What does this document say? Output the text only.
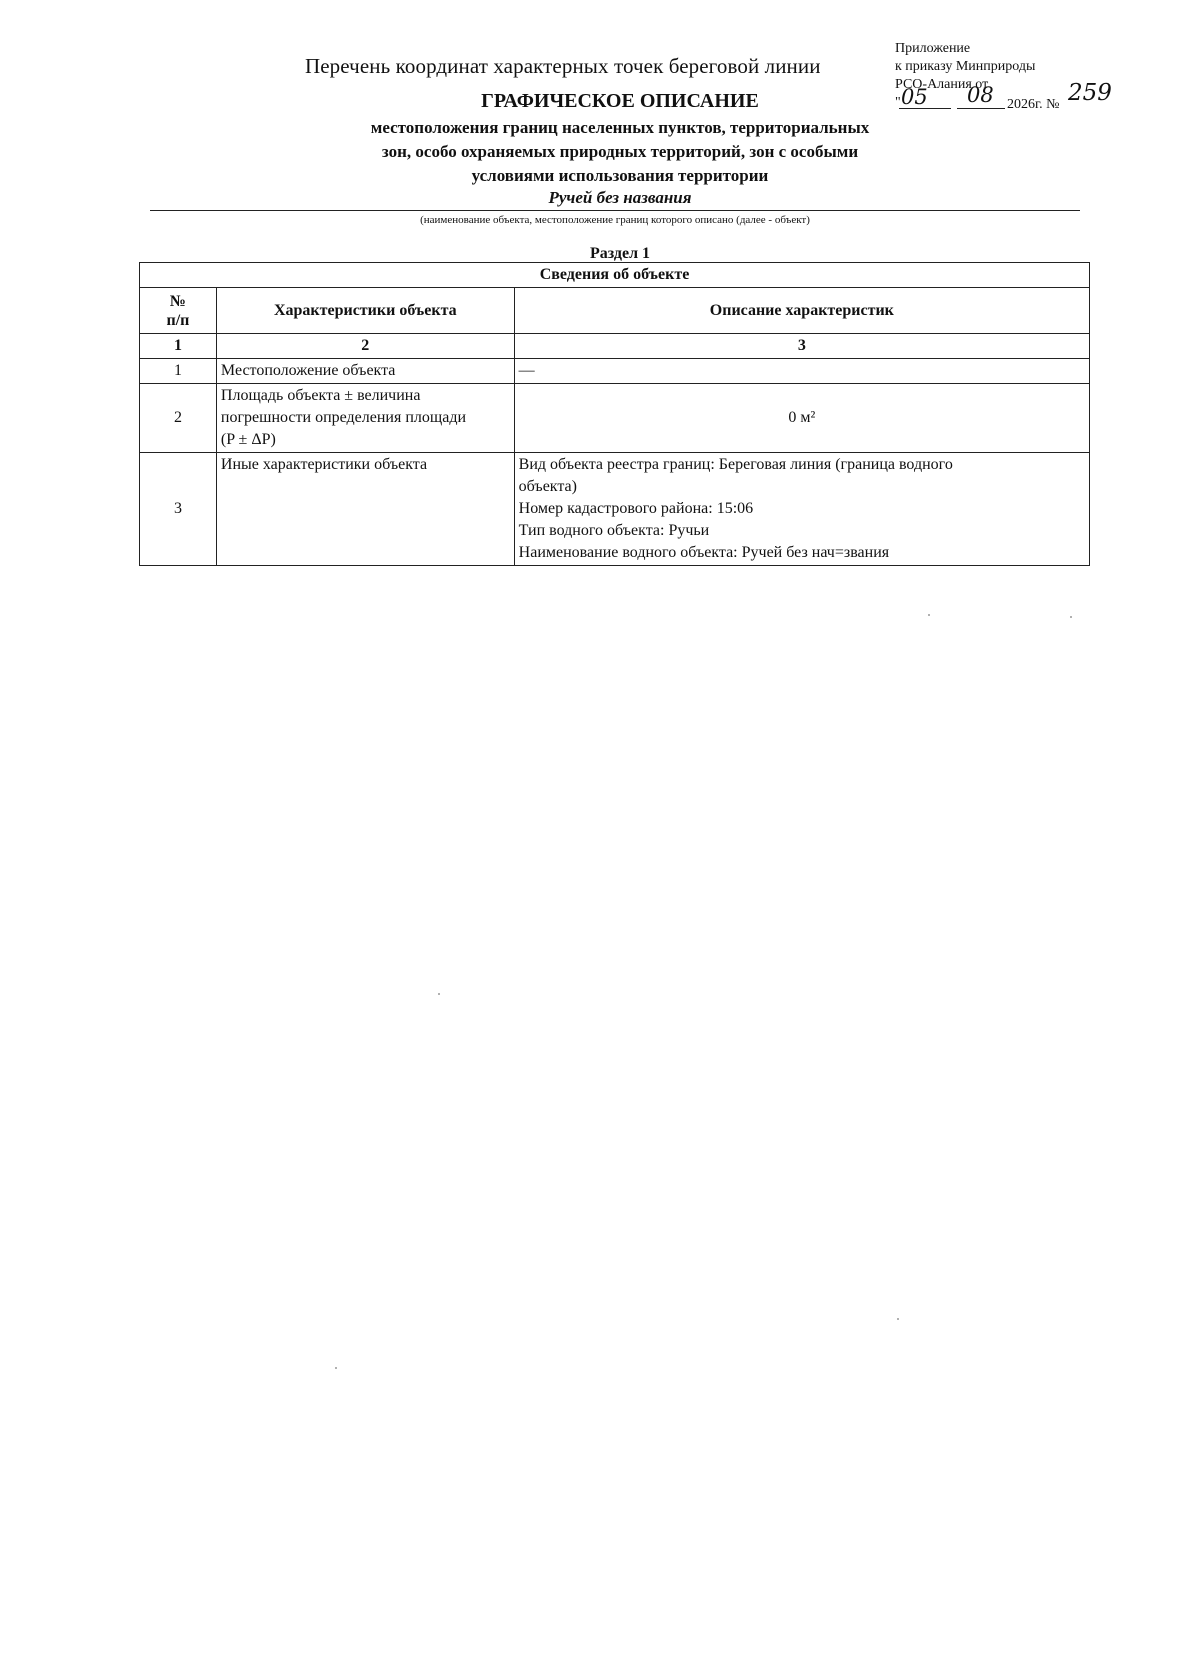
Перечень координат характерных точек береговой линии
Приложение
к приказу Минприроды
РСО-Алания от
" 05 08 2026г. № 259
ГРАФИЧЕСКОЕ ОПИСАНИЕ
местоположения границ населенных пунктов, территориальных
зон, особо охраняемых природных территорий, зон с особыми
условиями использования территории
Ручей без названия
(наименование объекта, местоположение границ которого описано (далее - объект)
Раздел 1
Сведения об объекте		

№
п/п	Характеристики объекта	Описание характеристик
1	2	3
1	Местоположение объекта	—
2	Площадь объекта ± величина
погрешности определения площади
(P ± ΔP)	0 м²
3	Иные характеристики объекта	Вид объекта реестра границ: Береговая линия (граница водного
объекта)
Номер кадастрового района: 15:06
Тип водного объекта: Ручьи
Наименование водного объекта: Ручей без нач=звания
